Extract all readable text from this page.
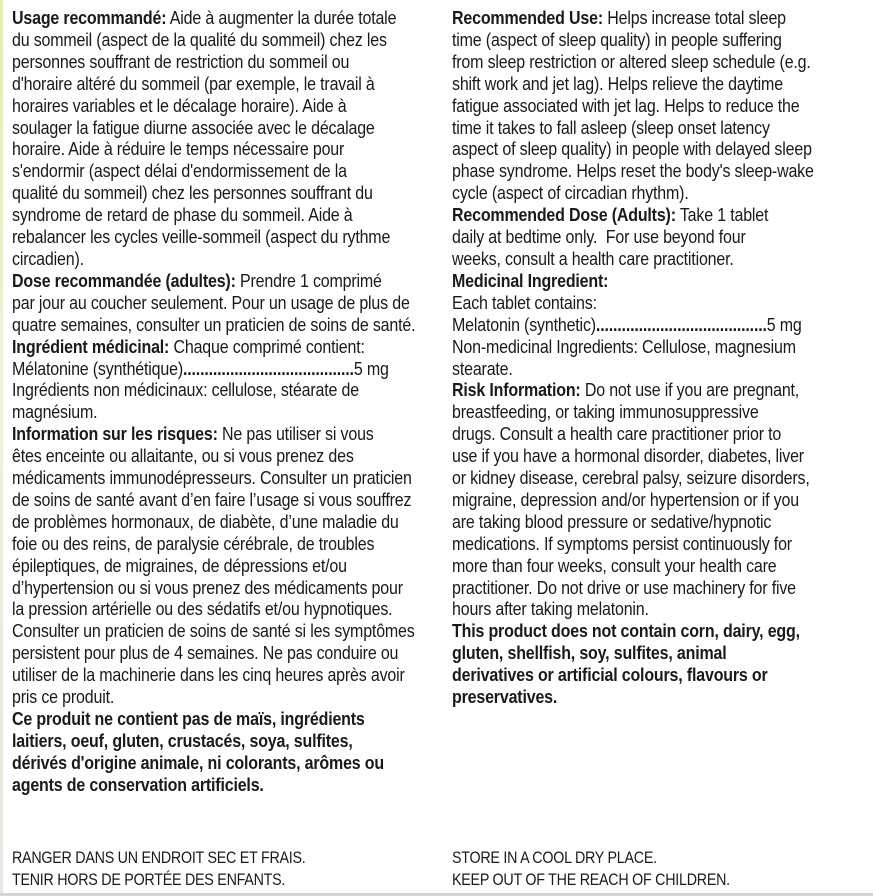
Usage recommandé: Aide à augmenter la durée totale
du sommeil (aspect de la qualité du sommeil) chez les
personnes souffrant de restriction du sommeil ou
d'horaire altéré du sommeil (par exemple, le travail à
horaires variables et le décalage horaire). Aide à
soulager la fatigue diurne associée avec le décalage
horaire. Aide à réduire le temps nécessaire pour
s'endormir (aspect délai d'endormissement de la
qualité du sommeil) chez les personnes souffrant du
syndrome de retard de phase du sommeil. Aide à
rebalancer les cycles veille-sommeil (aspect du rythme
circadien).
Dose recommandée (adultes): Prendre 1 comprimé
par jour au coucher seulement. Pour un usage de plus de
quatre semaines, consulter un praticien de soins de santé.
Ingrédient médicinal: Chaque comprimé contient:
Mélatonine (synthétique)........................................5 mg
Ingrédients non médicinaux: cellulose, stéarate de
magnésium.
Information sur les risques: Ne pas utiliser si vous
êtes enceinte ou allaitante, ou si vous prenez des
médicaments immunodépresseurs. Consulter un praticien
de soins de santé avant d’en faire l’usage si vous souffrez
de problèmes hormonaux, de diabète, d’une maladie du
foie ou des reins, de paralysie cérébrale, de troubles
épileptiques, de migraines, de dépressions et/ou
d’hypertension ou si vous prenez des médicaments pour
la pression artérielle ou des sédatifs et/ou hypnotiques.
Consulter un praticien de soins de santé si les symptômes
persistent pour plus de 4 semaines. Ne pas conduire ou
utiliser de la machinerie dans les cinq heures après avoir
pris ce produit.
Ce produit ne contient pas de maïs, ingrédients
laitiers, oeuf, gluten, crustacés, soya, sulfites,
dérivés d'origine animale, ni colorants, arômes ou
agents de conservation artificiels.
Recommended Use: Helps increase total sleep
time (aspect of sleep quality) in people suffering
from sleep restriction or altered sleep schedule (e.g.
shift work and jet lag). Helps relieve the daytime
fatigue associated with jet lag. Helps to reduce the
time it takes to fall asleep (sleep onset latency
aspect of sleep quality) in people with delayed sleep
phase syndrome. Helps reset the body's sleep-wake
cycle (aspect of circadian rhythm).
Recommended Dose (Adults): Take 1 tablet
daily at bedtime only.  For use beyond four
weeks, consult a health care practitioner.
Medicinal Ingredient:
Each tablet contains:
Melatonin (synthetic)........................................5 mg
Non-medicinal Ingredients: Cellulose, magnesium
stearate.
Risk Information: Do not use if you are pregnant,
breastfeeding, or taking immunosuppressive
drugs. Consult a health care practitioner prior to
use if you have a hormonal disorder, diabetes, liver
or kidney disease, cerebral palsy, seizure disorders,
migraine, depression and/or hypertension or if you
are taking blood pressure or sedative/hypnotic
medications. If symptoms persist continuously for
more than four weeks, consult your health care
practitioner. Do not drive or use machinery for five
hours after taking melatonin.
This product does not contain corn, dairy, egg,
gluten, shellfish, soy, sulfites, animal
derivatives or artificial colours, flavours or
preservatives.
RANGER DANS UN ENDROIT SEC ET FRAIS.
TENIR HORS DE PORTÉE DES ENFANTS.
STORE IN A COOL DRY PLACE.
KEEP OUT OF THE REACH OF CHILDREN.
